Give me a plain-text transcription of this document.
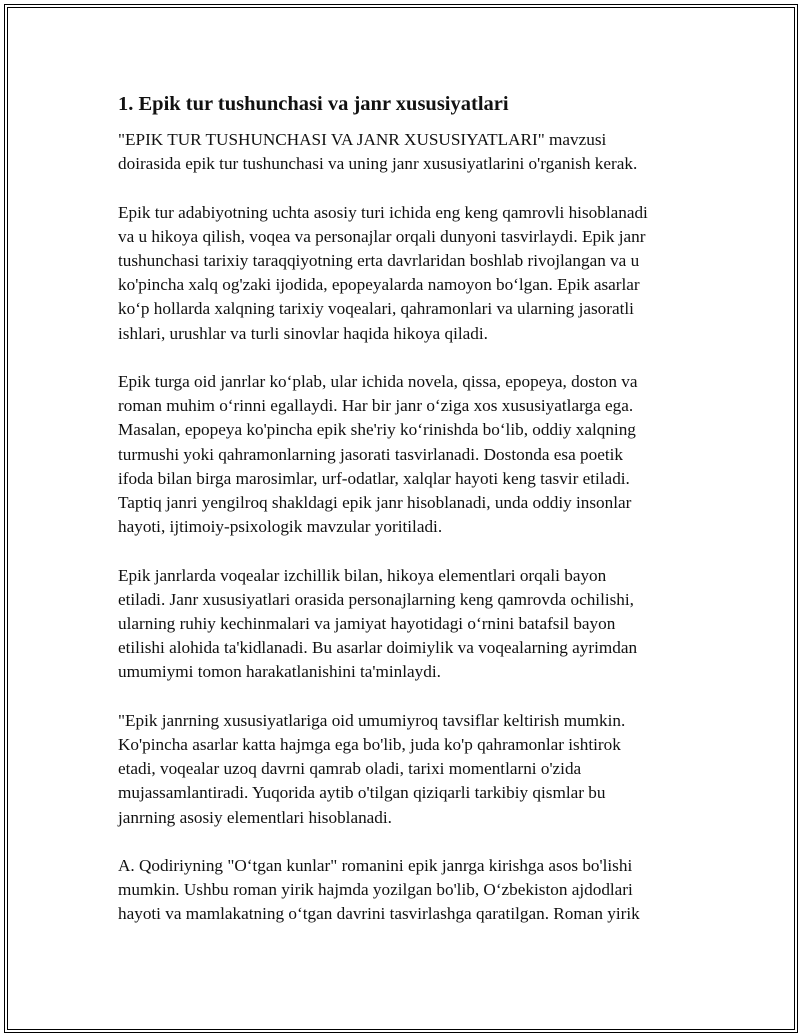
1. Epik tur tushunchasi va janr xususiyatlari
"EPIK TUR TUSHUNCHASI VA JANR XUSUSIYATLARI" mavzusi
doirasida epik tur tushunchasi va uning janr xususiyatlarini o'rganish kerak.
Epik tur adabiyotning uchta asosiy turi ichida eng keng qamrovli hisoblanadi
va u hikoya qilish, voqea va personajlar orqali dunyoni tasvirlaydi. Epik janr
tushunchasi tarixiy taraqqiyotning erta davrlaridan boshlab rivojlangan va u
ko'pincha xalq og'zaki ijodida, epopeyalarda namoyon bo‘lgan. Epik asarlar
ko‘p hollarda xalqning tarixiy voqealari, qahramonlari va ularning jasoratli
ishlari, urushlar va turli sinovlar haqida hikoya qiladi.
Epik turga oid janrlar ko‘plab, ular ichida novela, qissa, epopeya, doston va
roman muhim o‘rinni egallaydi. Har bir janr o‘ziga xos xususiyatlarga ega.
Masalan, epopeya ko'pincha epik she'riy ko‘rinishda bo‘lib, oddiy xalqning
turmushi yoki qahramonlarning jasorati tasvirlanadi. Dostonda esa poetik
ifoda bilan birga marosimlar, urf-odatlar, xalqlar hayoti keng tasvir etiladi.
Taptiq janri yengilroq shakldagi epik janr hisoblanadi, unda oddiy insonlar
hayoti, ijtimoiy-psixologik mavzular yoritiladi.
Epik janrlarda voqealar izchillik bilan, hikoya elementlari orqali bayon
etiladi. Janr xususiyatlari orasida personajlarning keng qamrovda ochilishi,
ularning ruhiy kechinmalari va jamiyat hayotidagi o‘rnini batafsil bayon
etilishi alohida ta'kidlanadi. Bu asarlar doimiylik va voqealarning ayrimdan
umumiymi tomon harakatlanishini ta'minlaydi.
"Epik janrning xususiyatlariga oid umumiyroq tavsiflar keltirish mumkin.
Ko'pincha asarlar katta hajmga ega bo'lib, juda ko'p qahramonlar ishtirok
etadi, voqealar uzoq davrni qamrab oladi, tarixi momentlarni o'zida
mujassamlantiradi. Yuqorida aytib o'tilgan qiziqarli tarkibiy qismlar bu
janrning asosiy elementlari hisoblanadi.
A. Qodiriyning "O‘tgan kunlar" romanini epik janrga kirishga asos bo'lishi
mumkin. Ushbu roman yirik hajmda yozilgan bo'lib, O‘zbekiston ajdodlari
hayoti va mamlakatning o‘tgan davrini tasvirlashga qaratilgan. Roman yirik
